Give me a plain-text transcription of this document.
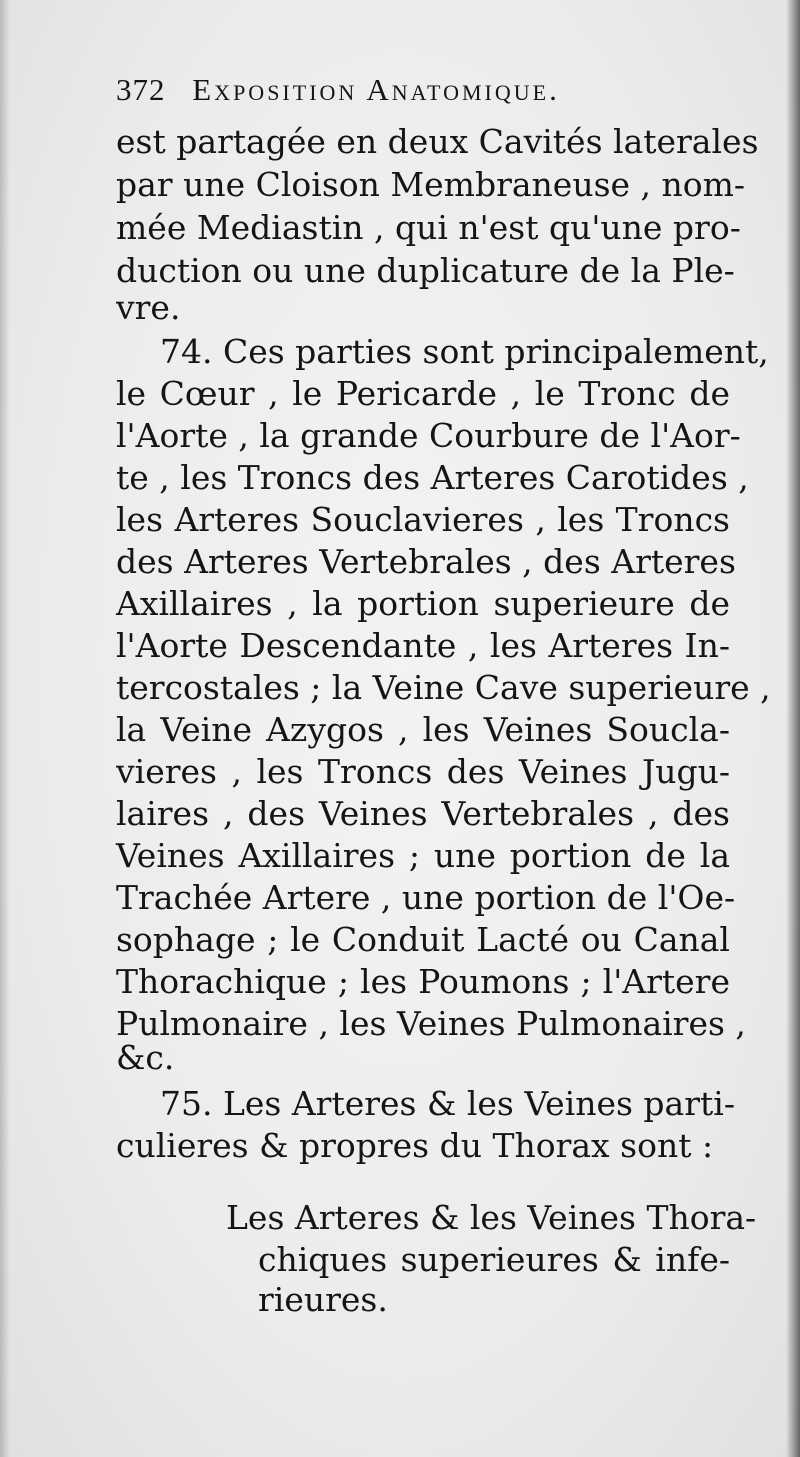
372 Exposition Anatomique.
est partagée en deux Cavités laterales
par une Cloison Membraneuse , nom-
mée Mediastin , qui n'est qu'une pro-
duction ou une duplicature de la Ple-
vre.
74. Ces parties sont principalement,
le Cœur , le Pericarde , le Tronc de
l'Aorte , la grande Courbure de l'Aor-
te , les Troncs des Arteres Carotides ,
les Arteres Souclavieres , les Troncs
des Arteres Vertebrales , des Arteres
Axillaires , la portion superieure de
l'Aorte Descendante , les Arteres In-
tercostales ; la Veine Cave superieure ,
la Veine Azygos , les Veines Soucla-
vieres , les Troncs des Veines Jugu-
laires , des Veines Vertebrales , des
Veines Axillaires ; une portion de la
Trachée Artere , une portion de l'Oe-
sophage ; le Conduit Lacté ou Canal
Thorachique ; les Poumons ; l'Artere
Pulmonaire , les Veines Pulmonaires ,
&c.
75. Les Arteres & les Veines parti-
culieres & propres du Thorax sont :
Les Arteres & les Veines Thora-
chiques superieures & infe-
rieures.
